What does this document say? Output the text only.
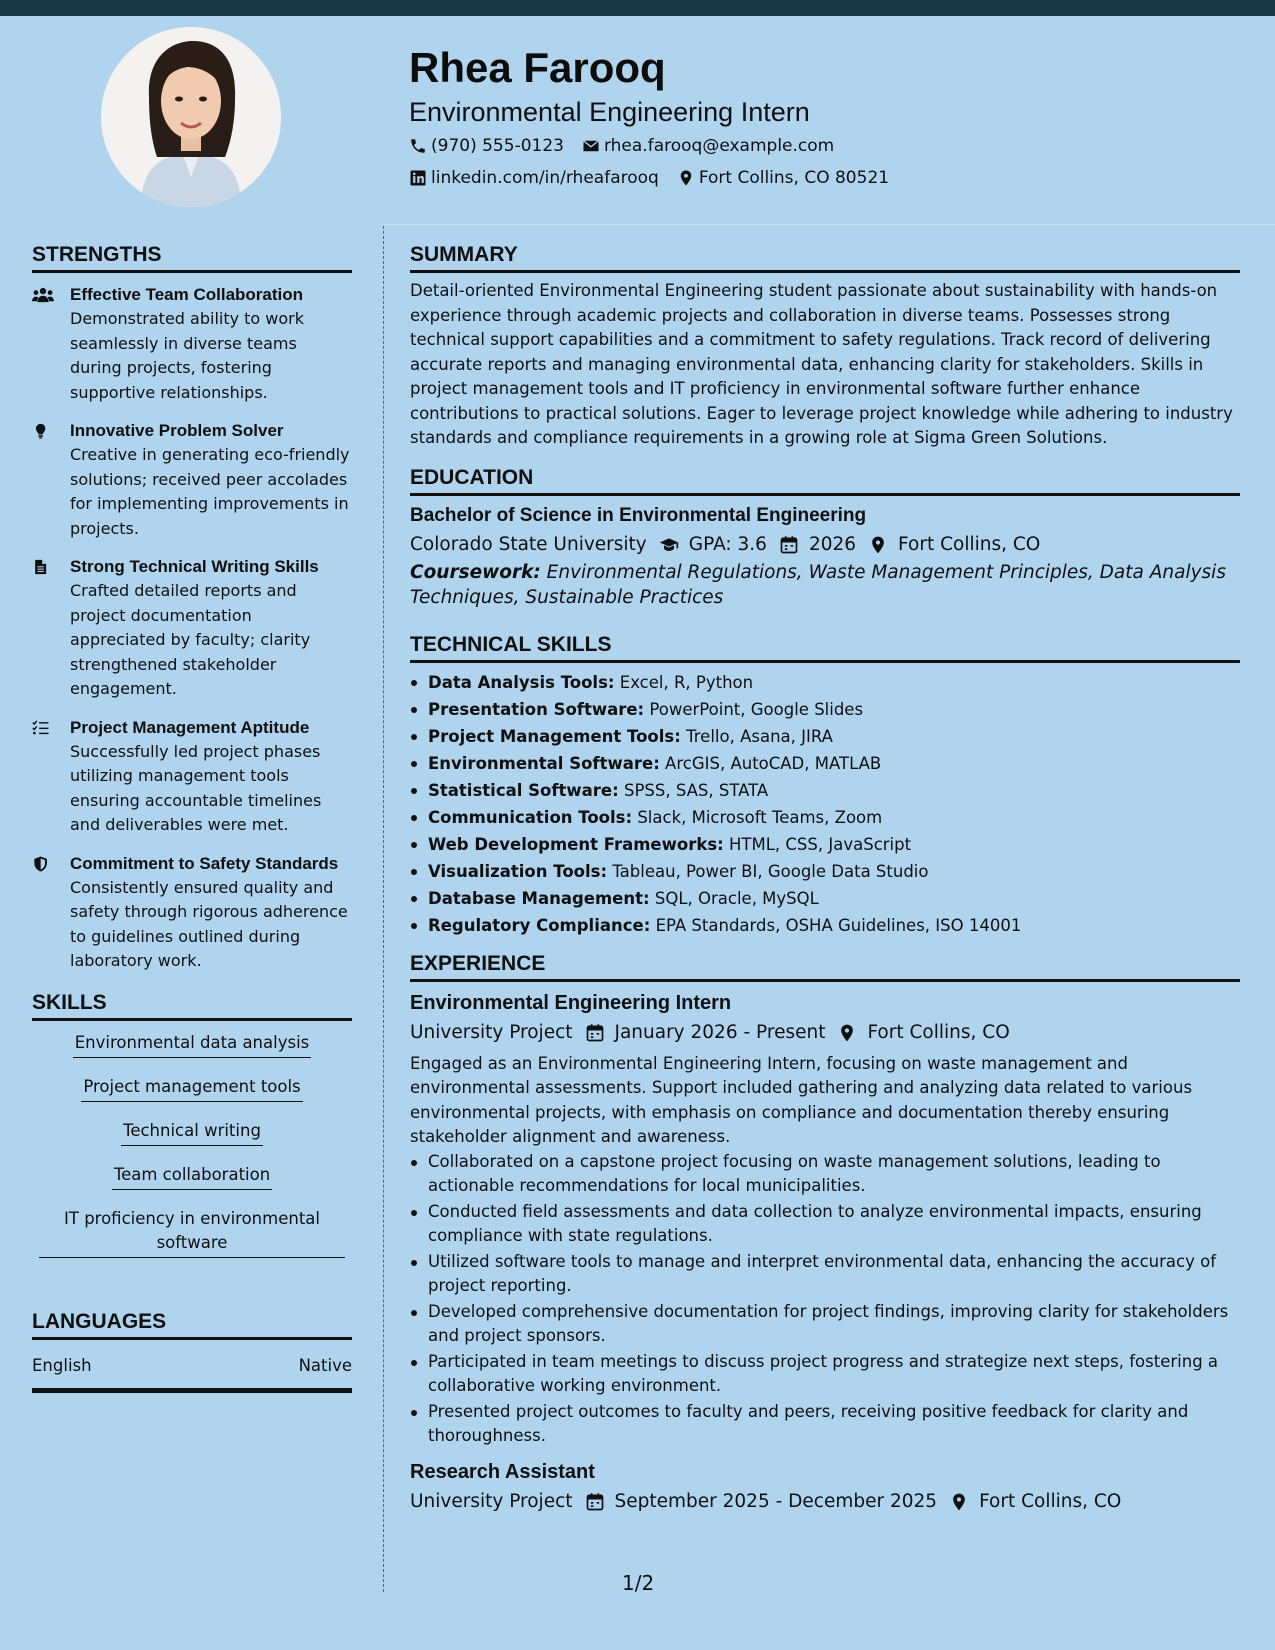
Rhea Farooq
Environmental Engineering Intern
(970) 555-0123 rhea.farooq@example.com
linkedin.com/in/rheafarooq Fort Collins, CO 80521
STRENGTHS
Effective Team Collaboration
Demonstrated ability to work seamlessly in diverse teams during projects, fostering supportive relationships.
Innovative Problem Solver
Creative in generating eco-friendly solutions; received peer accolades for implementing improvements in projects.
Strong Technical Writing Skills
Crafted detailed reports and project documentation appreciated by faculty; clarity strengthened stakeholder engagement.
Project Management Aptitude
Successfully led project phases utilizing management tools ensuring accountable timelines and deliverables were met.
Commitment to Safety Standards
Consistently ensured quality and safety through rigorous adherence to guidelines outlined during laboratory work.
SKILLS
Environmental data analysis
Project management tools
Technical writing
Team collaboration
IT proficiency in environmental software
LANGUAGES
English	Native
SUMMARY
Detail-oriented Environmental Engineering student passionate about sustainability with hands-on experience through academic projects and collaboration in diverse teams. Possesses strong technical support capabilities and a commitment to safety regulations. Track record of delivering accurate reports and managing environmental data, enhancing clarity for stakeholders. Skills in project management tools and IT proficiency in environmental software further enhance contributions to practical solutions. Eager to leverage project knowledge while adhering to industry standards and compliance requirements in a growing role at Sigma Green Solutions.
EDUCATION
Bachelor of Science in Environmental Engineering
Colorado State University GPA: 3.6 2026 Fort Collins, CO
Coursework: Environmental Regulations, Waste Management Principles, Data Analysis Techniques, Sustainable Practices
TECHNICAL SKILLS
Data Analysis Tools: Excel, R, Python
Presentation Software: PowerPoint, Google Slides
Project Management Tools: Trello, Asana, JIRA
Environmental Software: ArcGIS, AutoCAD, MATLAB
Statistical Software: SPSS, SAS, STATA
Communication Tools: Slack, Microsoft Teams, Zoom
Web Development Frameworks: HTML, CSS, JavaScript
Visualization Tools: Tableau, Power BI, Google Data Studio
Database Management: SQL, Oracle, MySQL
Regulatory Compliance: EPA Standards, OSHA Guidelines, ISO 14001
EXPERIENCE
Environmental Engineering Intern
University Project January 2026 - Present Fort Collins, CO
Engaged as an Environmental Engineering Intern, focusing on waste management and environmental assessments. Support included gathering and analyzing data related to various environmental projects, with emphasis on compliance and documentation thereby ensuring stakeholder alignment and awareness.
Collaborated on a capstone project focusing on waste management solutions, leading to actionable recommendations for local municipalities.
Conducted field assessments and data collection to analyze environmental impacts, ensuring compliance with state regulations.
Utilized software tools to manage and interpret environmental data, enhancing the accuracy of project reporting.
Developed comprehensive documentation for project findings, improving clarity for stakeholders and project sponsors.
Participated in team meetings to discuss project progress and strategize next steps, fostering a collaborative working environment.
Presented project outcomes to faculty and peers, receiving positive feedback for clarity and thoroughness.
Research Assistant
University Project September 2025 - December 2025 Fort Collins, CO
1/2
